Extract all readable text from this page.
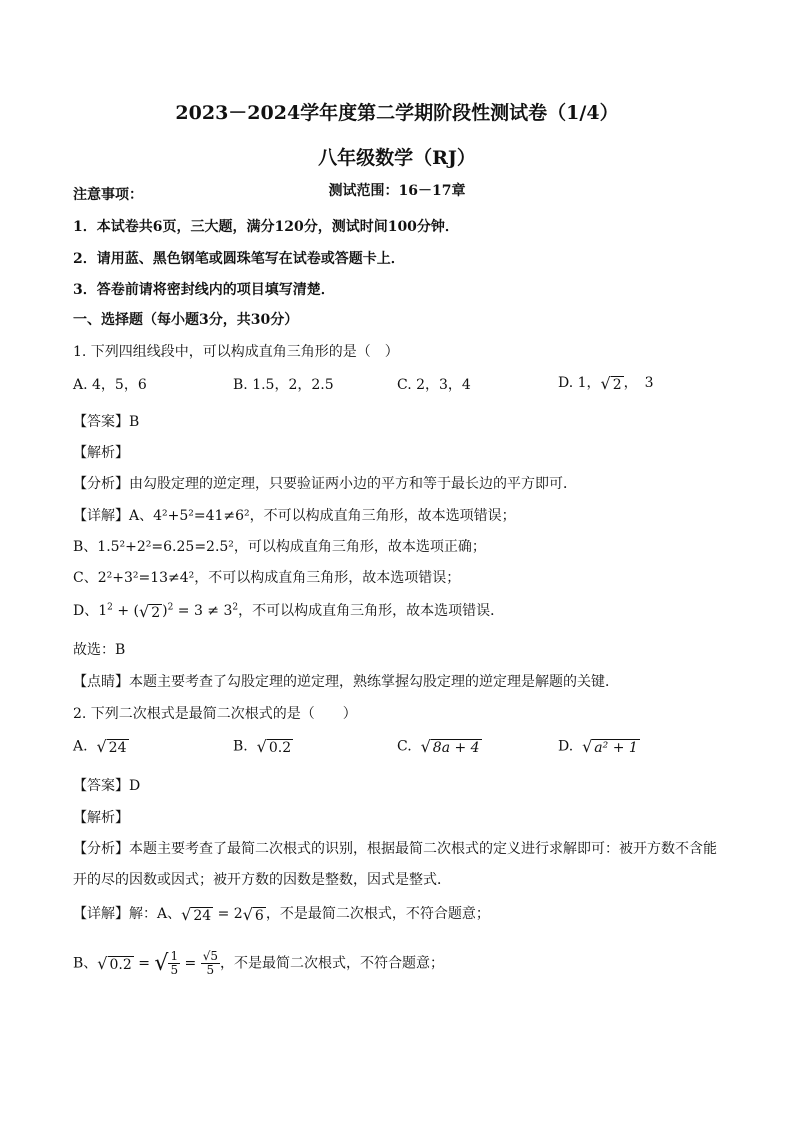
2023－2024学年度第二学期阶段性测试卷（1/4）
八年级数学（RJ）
测试范围：16－17章
注意事项：
1．本试卷共6页，三大题，满分120分，测试时间100分钟．
2．请用蓝、黑色钢笔或圆珠笔写在试卷或答题卡上．
3．答卷前请将密封线内的项目填写清楚．
一、选择题（每小题3分，共30分）
1. 下列四组线段中，可以构成直角三角形的是（　）
A. 4，5，6	B. 1.5，2，2.5	C. 2，3，4	D. 1，√ 2 ，　3
【答案】B
【解析】
【分析】由勾股定理的逆定理，只要验证两小边的平方和等于最长边的平方即可．
【详解】A、4²+5²=41≠6²，不可以构成直角三角形，故本选项错误；
B、1.5²+2²=6.25=2.5²，可以构成直角三角形，故本选项正确；
C、2²+3²=13≠4²，不可以构成直角三角形，故本选项错误；
D、$1^2$ + (√ 2 )$^2 = 3 \ne 3^2$，不可以构成直角三角形，故本选项错误．
故选：B
【点睛】本题主要考查了勾股定理的逆定理，熟练掌握勾股定理的逆定理是解题的关键．
2. 下列二次根式是最简二次根式的是（　　）
A. √ 24	B. √ 0.2	C. √ 8a + 4	D. √ a² + 1
【答案】D
【解析】
【分析】本题主要考查了最简二次根式的识别，根据最简二次根式的定义进行求解即可：被开方数不含能
开的尽的因数或因式；被开方数的因数是整数，因式是整式．
【详解】解：A、√ 24 = 2√ 6 ，不是最简二次根式，不符合题意；
B、√ 0.2 = √ $\frac{1}{5} = \frac{√5}{5}$ ，不是最简二次根式，不符合题意；
